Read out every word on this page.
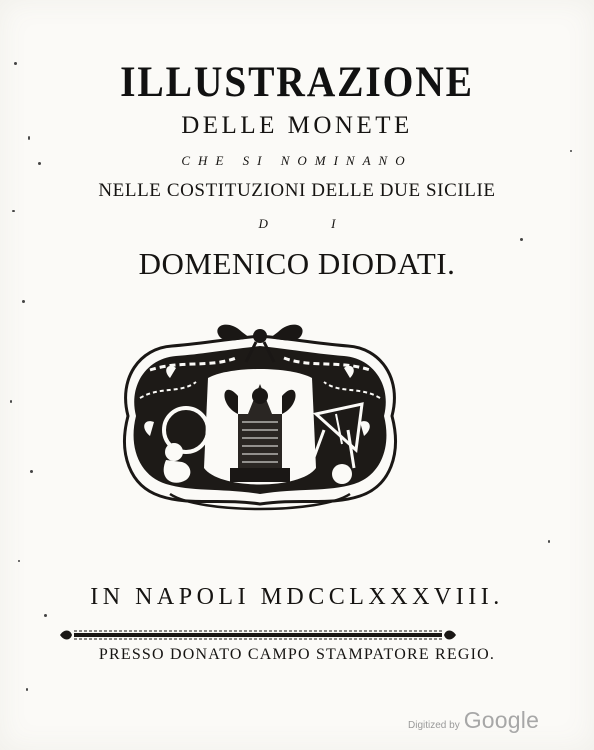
ILLUSTRAZIONE
DELLE MONETE
CHE SI NOMINANO
NELLE COSTITUZIONI DELLE DUE SICILIE
D I
DOMENICO DIODATI.
IN NAPOLI MDCCLXXXVIII.
PRESSO DONATO CAMPO STAMPATORE REGIO.
Digitized by Google
